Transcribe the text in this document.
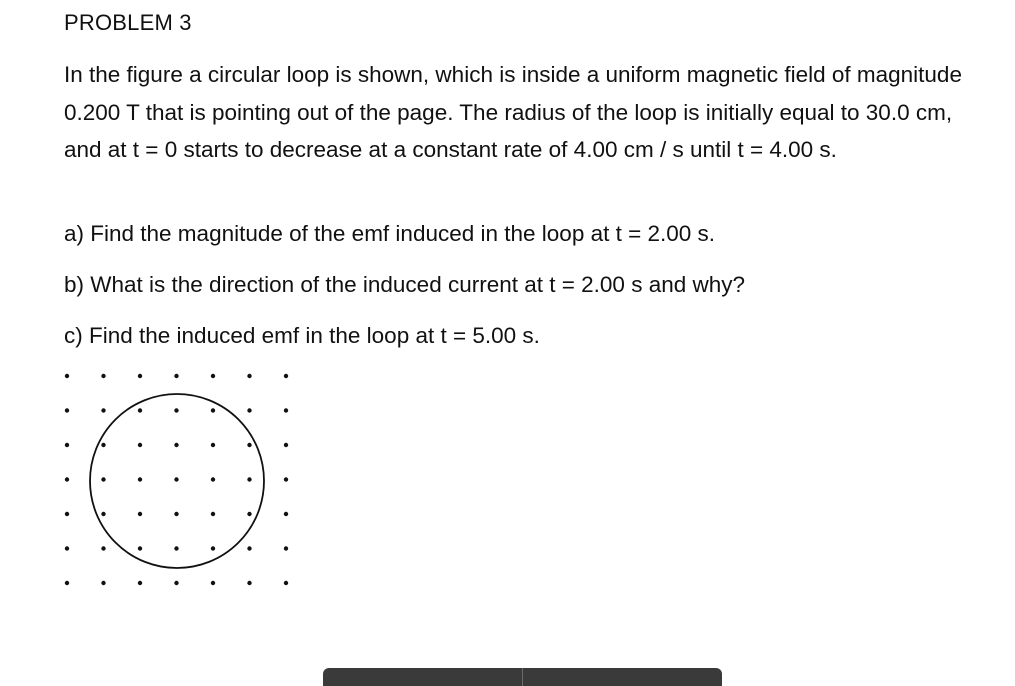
PROBLEM 3

In the figure a circular loop is shown, which is inside a uniform magnetic field of magnitude 0.200 T that is pointing out of the page. The radius of the loop is initially equal to 30.0 cm, and at t = 0 starts to decrease at a constant rate of 4.00 cm / s until t = 4.00 s.

a) Find the magnitude of the emf induced in the loop at t = 2.00 s.

b) What is the direction of the induced current at t = 2.00 s and why?

c) Find the induced emf in the loop at t = 5.00 s.
